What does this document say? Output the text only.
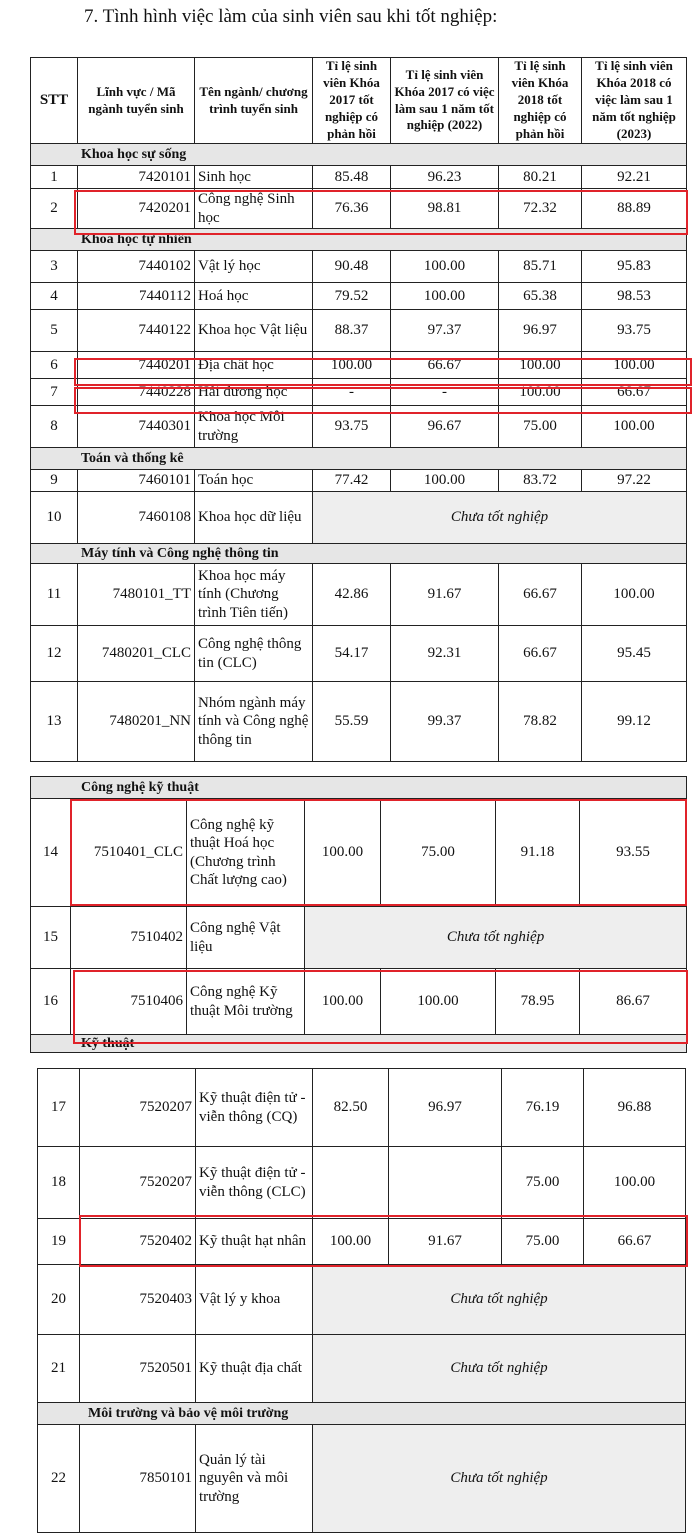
7. Tình hình việc làm của sinh viên sau khi tốt nghiệp:
STT	Lĩnh vực / Mã ngành tuyển sinh	Tên ngành/ chương trình tuyển sinh	Tỉ lệ sinh viên Khóa 2017 tốt nghiệp có phản hồi	Tỉ lệ sinh viên Khóa 2017 có việc làm sau 1 năm tốt nghiệp (2022)	Tỉ lệ sinh viên Khóa 2018 tốt nghiệp có phản hồi	Tỉ lệ sinh viên Khóa 2018 có việc làm sau 1 năm tốt nghiệp (2023)
Khoa học sự sống						
1	7420101	Sinh học	85.48	96.23	80.21	92.21
2	7420201	Công nghệ Sinh học	76.36	98.81	72.32	88.89
Khoa học tự nhiên						
3	7440102	Vật lý học	90.48	100.00	85.71	95.83
4	7440112	Hoá học	79.52	100.00	65.38	98.53
5	7440122	Khoa học Vật liệu	88.37	97.37	96.97	93.75
6	7440201	Địa chất học	100.00	66.67	100.00	100.00
7	7440228	Hải dương học	-	-	100.00	66.67
8	7440301	Khoa học Môi trường	93.75	96.67	75.00	100.00
Toán và thống kê						
9	7460101	Toán học	77.42	100.00	83.72	97.22
10	7460108	Khoa học dữ liệu	Chưa tốt nghiệp			
Máy tính và Công nghệ thông tin						
11	7480101_TT	Khoa học máy tính (Chương trình Tiên tiến)	42.86	91.67	66.67	100.00
12	7480201_CLC	Công nghệ thông tin (CLC)	54.17	92.31	66.67	95.45
13	7480201_NN	Nhóm ngành máy tính và Công nghệ thông tin	55.59	99.37	78.82	99.12
Công nghệ kỹ thuật						
14	7510401_CLC	Công nghệ kỹ thuật Hoá học (Chương trình Chất lượng cao)	100.00	75.00	91.18	93.55
15	7510402	Công nghệ Vật liệu	Chưa tốt nghiệp			
16	7510406	Công nghệ Kỹ thuật Môi trường	100.00	100.00	78.95	86.67
Kỹ thuật						
17	7520207	Kỹ thuật điện tử - viễn thông (CQ)	82.50	96.97	76.19	96.88
18	7520207	Kỹ thuật điện tử - viễn thông (CLC)			75.00	100.00
19	7520402	Kỹ thuật hạt nhân	100.00	91.67	75.00	66.67
20	7520403	Vật lý y khoa	Chưa tốt nghiệp			
21	7520501	Kỹ thuật địa chất	Chưa tốt nghiệp			
Môi trường và bảo vệ môi trường						
22	7850101	Quản lý tài nguyên và môi trường	Chưa tốt nghiệp			
